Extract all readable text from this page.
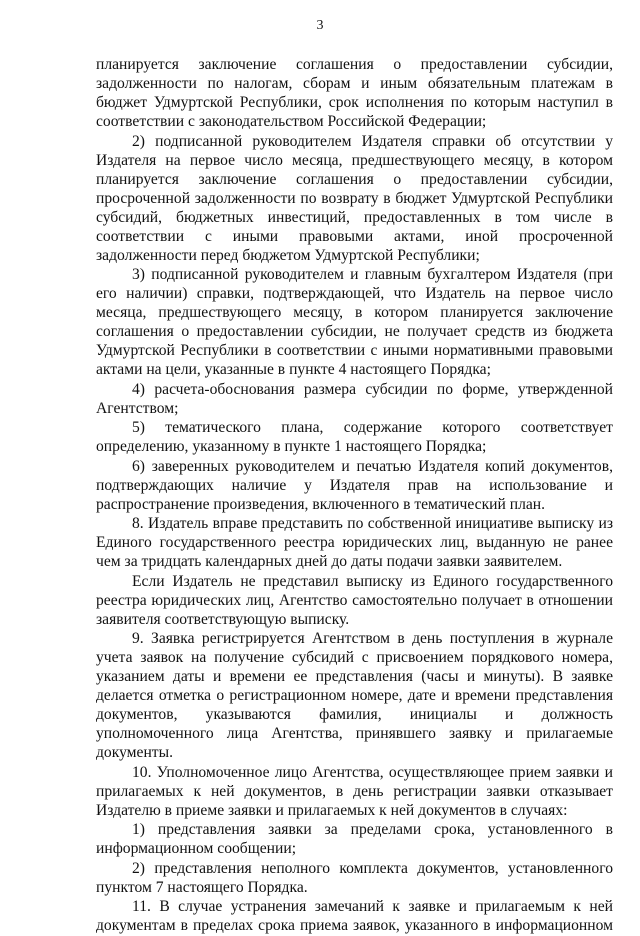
3

планируется заключение соглашения о предоставлении субсидии, задолженности по налогам, сборам и иным обязательным платежам в бюджет Удмуртской Республики, срок исполнения по которым наступил в соответствии с законодательством Российской Федерации;

2) подписанной руководителем Издателя справки об отсутствии у Издателя на первое число месяца, предшествующего месяцу, в котором планируется заключение соглашения о предоставлении субсидии, просроченной задолженности по возврату в бюджет Удмуртской Республики субсидий, бюджетных инвестиций, предоставленных в том числе в соответствии с иными правовыми актами, иной просроченной задолженности перед бюджетом Удмуртской Республики;

3) подписанной руководителем и главным бухгалтером Издателя (при его наличии) справки, подтверждающей, что Издатель на первое число месяца, предшествующего месяцу, в котором планируется заключение соглашения о предоставлении субсидии, не получает средств из бюджета Удмуртской Республики в соответствии с иными нормативными правовыми актами на цели, указанные в пункте 4 настоящего Порядка;

4) расчета-обоснования размера субсидии по форме, утвержденной Агентством;

5) тематического плана, содержание которого соответствует определению, указанному в пункте 1 настоящего Порядка;

6) заверенных руководителем и печатью Издателя копий документов, подтверждающих наличие у Издателя прав на использование и распространение произведения, включенного в тематический план.

8. Издатель вправе представить по собственной инициативе выписку из Единого государственного реестра юридических лиц, выданную не ранее чем за тридцать календарных дней до даты подачи заявки заявителем.

Если Издатель не представил выписку из Единого государственного реестра юридических лиц, Агентство самостоятельно получает в отношении заявителя соответствующую выписку.

9. Заявка регистрируется Агентством в день поступления в журнале учета заявок на получение субсидий с присвоением порядкового номера, указанием даты и времени ее представления (часы и минуты). В заявке делается отметка о регистрационном номере, дате и времени представления документов, указываются фамилия, инициалы и должность уполномоченного лица Агентства, принявшего заявку и прилагаемые документы.

10. Уполномоченное лицо Агентства, осуществляющее прием заявки и прилагаемых к ней документов, в день регистрации заявки отказывает Издателю в приеме заявки и прилагаемых к ней документов в случаях:

1) представления заявки за пределами срока, установленного в информационном сообщении;

2) представления неполного комплекта документов, установленного пунктом 7 настоящего Порядка.

11. В случае устранения замечаний к заявке и прилагаемым к ней документам в пределах срока приема заявок, указанного в информационном
